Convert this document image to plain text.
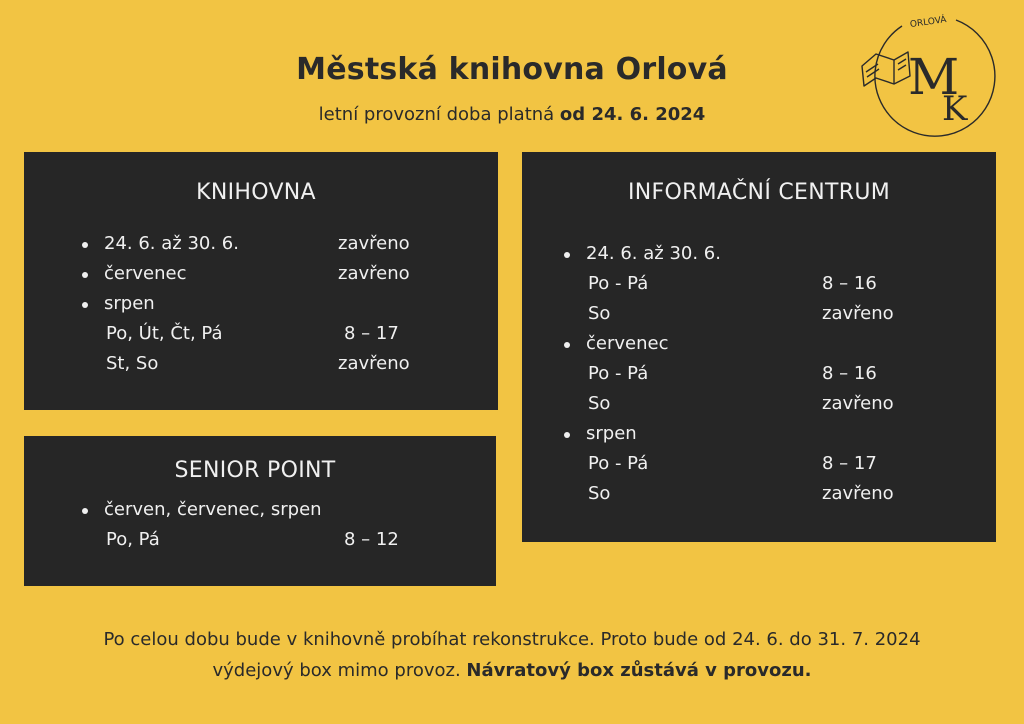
Městská knihovna Orlová
letní provozní doba platná od 24. 6. 2024
ORLOVÁ
M
K
KNIHOVNA
24. 6. až 30. 6.	zavřeno
červenec	zavřeno
srpen
Po, Út, Čt, Pá	8 – 17
St, So	zavřeno
SENIOR POINT
červen, červenec, srpen
Po, Pá	8 – 12
INFORMAČNÍ CENTRUM
24. 6. až 30. 6.
Po - Pá	8 – 16
So	zavřeno
červenec
Po - Pá	8 – 16
So	zavřeno
srpen
Po - Pá	8 – 17
So	zavřeno
Po celou dobu bude v knihovně probíhat rekonstrukce. Proto bude od 24. 6. do 31. 7. 2024
výdejový box mimo provoz. Návratový box zůstává v provozu.
